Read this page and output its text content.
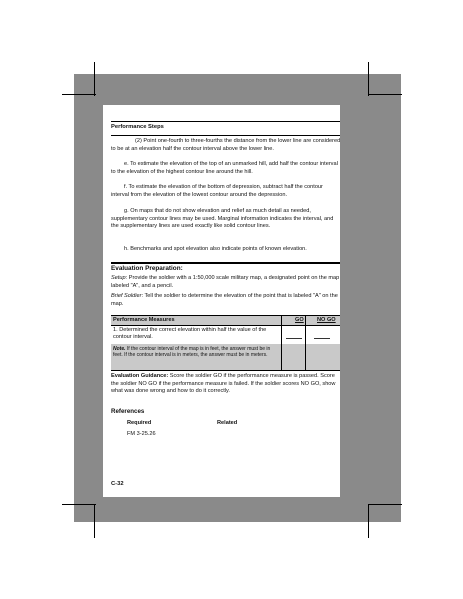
Performance Steps
(2) Point one-fourth to three-fourths the distance from the lower line are considered to be at an elevation half the contour interval above the lower line.
e. To estimate the elevation of the top of an unmarked hill, add half the contour interval to the elevation of the highest contour line around the hill.
f. To estimate the elevation of the bottom of depression, subtract half the contour interval from the elevation of the lowest contour around the depression.
g. On maps that do not show elevation and relief as much detail as needed, supplementary contour lines may be used. Marginal information indicates the interval, and the supplementary lines are used exactly like solid contour lines.
h. Benchmarks and spot elevation also indicate points of known elevation.
Evaluation Preparation:
Setup: Provide the soldier with a 1:50,000 scale military map, a designated point on the map labeled "A", and a pencil.
Brief Soldier: Tell the soldier to determine the elevation of the point that is labeled "A" on the map.
Performance Measures	GO NO GO
1. Determined the correct elevation within half the value of the contour interval.
Note. If the contour interval of the map is in feet, the answer must be in feet. If the contour interval is in meters, the answer must be in meters.
Evaluation Guidance: Score the soldier GO if the performance measure is passed. Score the soldier NO GO if the performance measure is failed. If the soldier scores NO GO, show what was done wrong and how to do it correctly.
References
Required	Related
FM 3-25.26
C-32
